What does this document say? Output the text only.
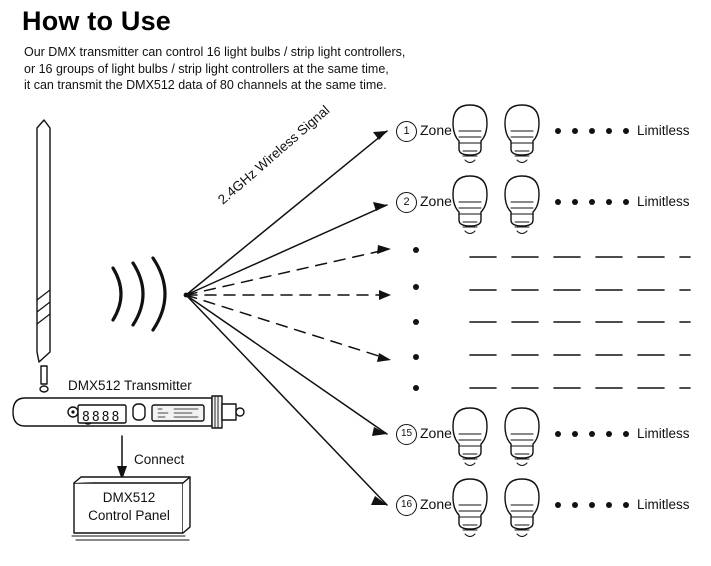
How to Use
Our DMX transmitter can control 16 light bulbs / strip light controllers,
or 16 groups of light bulbs / strip light controllers at the same time,
it can transmit the DMX512 data of 80 channels at the same time.
2.4GHz Wireless Signal
DMX512 Transmitter
8888
Connect
DMX512
Control Panel
1 Zone	Limitless
2 Zone	Limitless
15 Zone	Limitless
16 Zone	Limitless
